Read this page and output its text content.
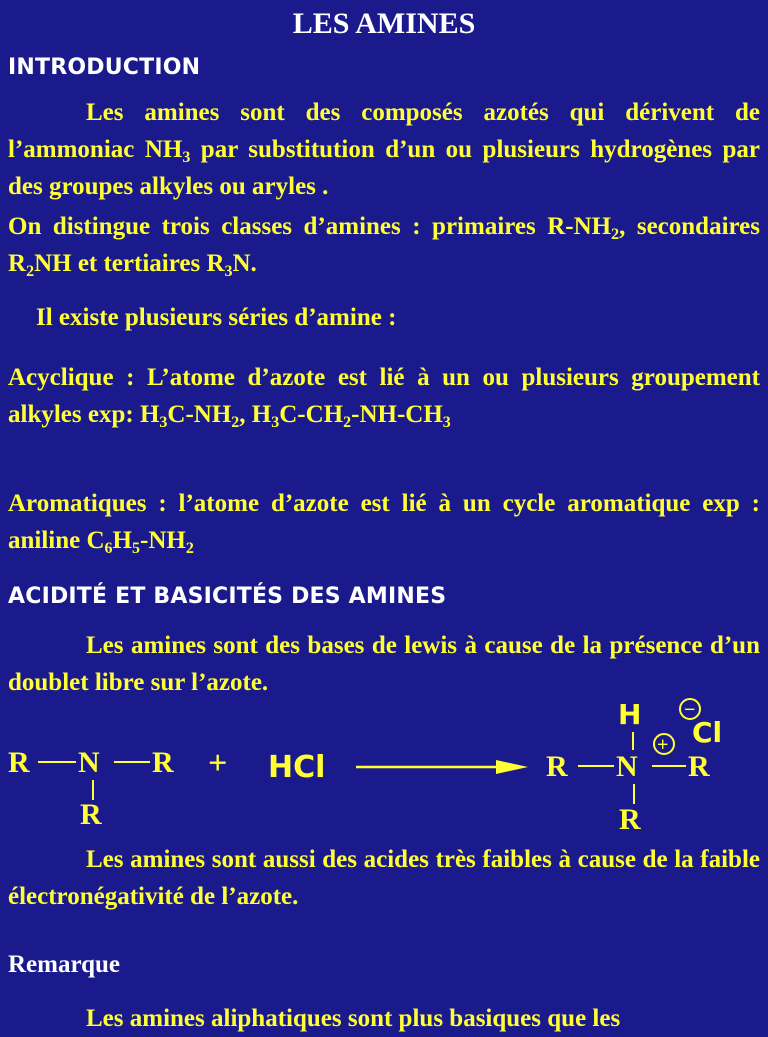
LES AMINES
INTRODUCTION

Les amines sont des composés azotés qui dérivent de l’ammoniac $NH_3$ par substitution d’un ou plusieurs hydrogènes par des groupes alkyles ou aryles .

On distingue trois classes d’amines : primaires $R-NH_2$, secondaires $R_2NH$ et tertiaires $R_3N$.

Il existe plusieurs séries d’amine :

Acyclique : L’atome d’azote est lié à un ou plusieurs groupement alkyles exp: $H_3C-NH_2$, $H_3C-CH_2-NH-CH_3$

Aromatiques : l’atome d’azote est lié à un cycle aromatique exp : aniline $C_6H_5-NH_2$

ACIDITÉ ET BASICITÉS DES AMINES

Les amines sont des bases de lewis à cause de la présence d’un doublet libre sur l’azote.

R N R
R
+ HCl
H −
Cl
+
R N R
R

Les amines sont aussi des acides très faibles à cause de la faible électronégativité de l’azote.

Remarque

Les amines aliphatiques sont plus basiques que les
